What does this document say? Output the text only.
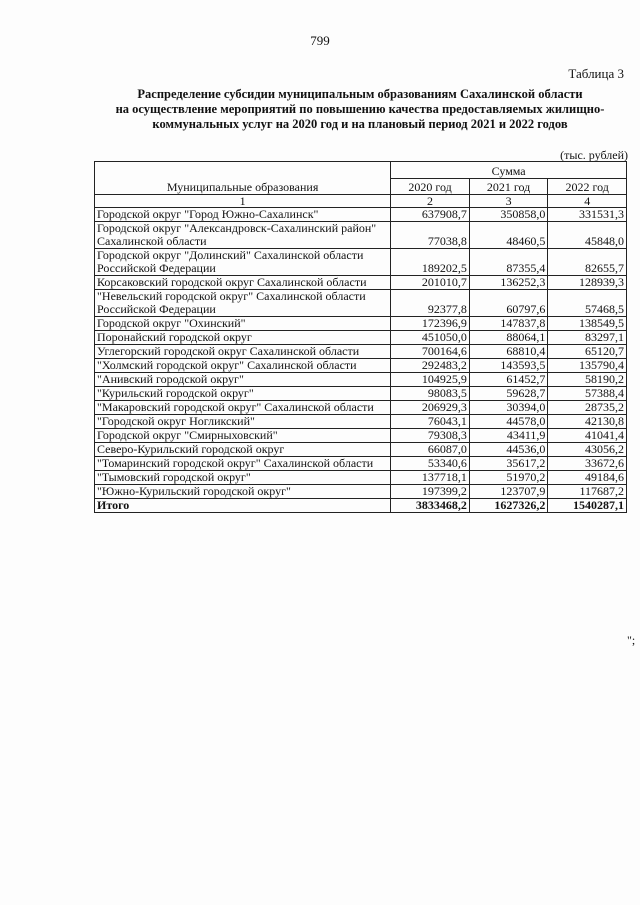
799
Таблица 3
Распределение субсидии муниципальным образованиям Сахалинской области
на осуществление мероприятий по повышению качества предоставляемых жилищно-
коммунальных услуг на 2020 год и на плановый период 2021 и 2022 годов
(тыс. рублей)
Муниципальные образования	Сумма		
	2020 год	2021 год	2022 год
1	2	3	4
Городской округ "Город Южно-Сахалинск"	637908,7	350858,0	331531,3
Городской округ "Александровск-Сахалинский район" Сахалинской области	77038,8	48460,5	45848,0
Городской округ "Долинский" Сахалинской области Российской Федерации	189202,5	87355,4	82655,7
Корсаковский городской округ Сахалинской области	201010,7	136252,3	128939,3
"Невельский городской округ" Сахалинской области Российской Федерации	92377,8	60797,6	57468,5
Городской округ "Охинский"	172396,9	147837,8	138549,5
Поронайский городской округ	451050,0	88064,1	83297,1
Углегорский городской округ Сахалинской области	700164,6	68810,4	65120,7
"Холмский городской округ" Сахалинской области	292483,2	143593,5	135790,4
"Анивский городской округ"	104925,9	61452,7	58190,2
"Курильский городской округ"	98083,5	59628,7	57388,4
"Макаровский городской округ" Сахалинской области	206929,3	30394,0	28735,2
"Городской округ Ногликский"	76043,1	44578,0	42130,8
Городской округ "Смирныховский"	79308,3	43411,9	41041,4
Северо-Курильский городской округ	66087,0	44536,0	43056,2
"Томаринский городской округ" Сахалинской области	53340,6	35617,2	33672,6
"Тымовский городской округ"	137718,1	51970,2	49184,6
"Южно-Курильский городской округ"	197399,2	123707,9	117687,2
Итого	3833468,2	1627326,2	1540287,1
";
